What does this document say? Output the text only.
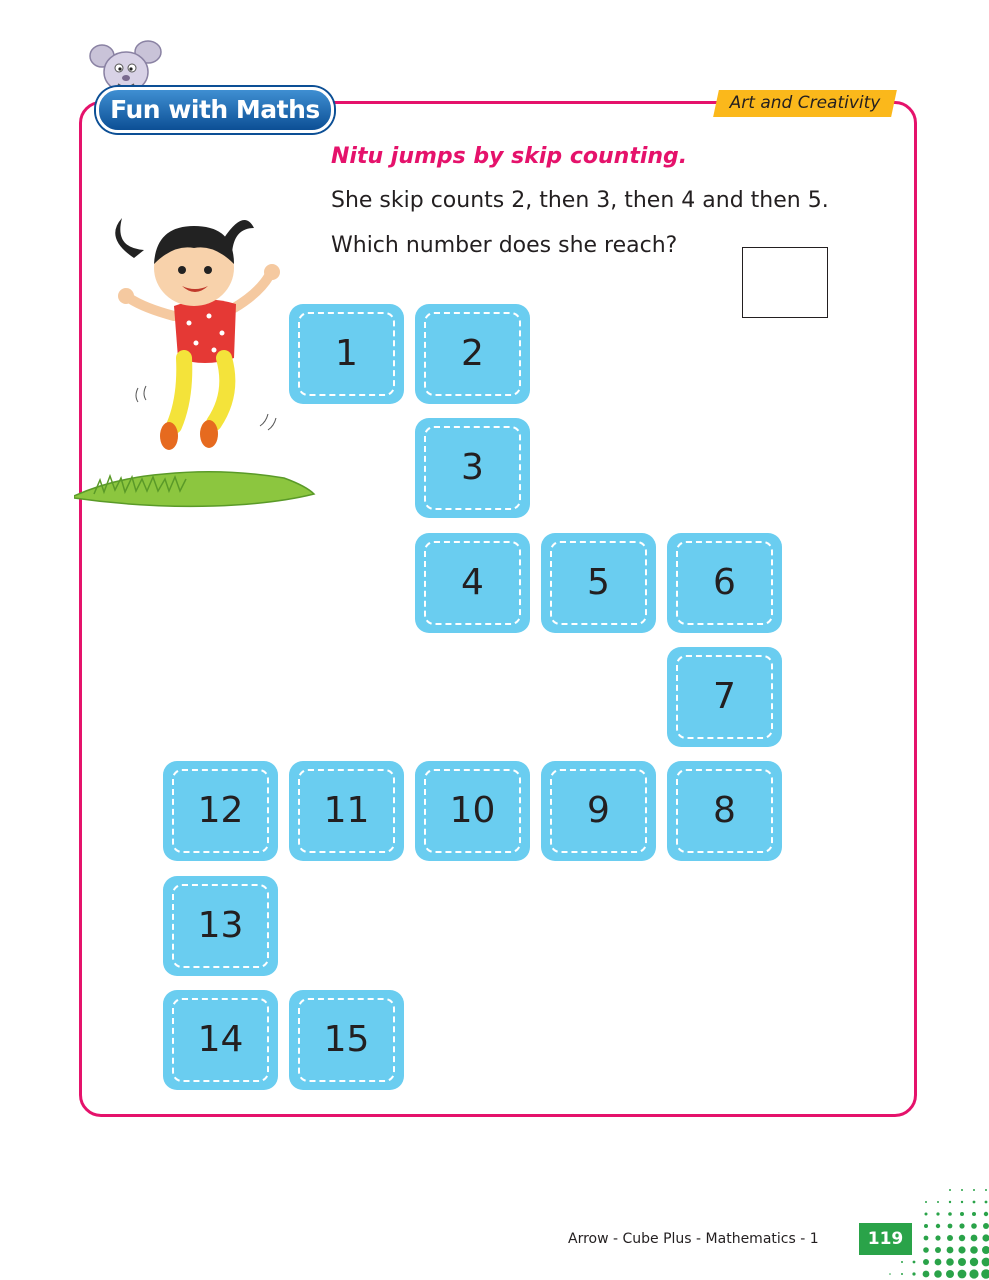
Fun with Maths	Art and Creativity

Nitu jumps by skip counting.

She skip counts 2, then 3, then 4 and then 5.

Which number does she reach?

1	2
3
4	5	6
7
8
9
10
11
12
13
14	15
Arrow - Cube Plus - Mathematics - 1	119
